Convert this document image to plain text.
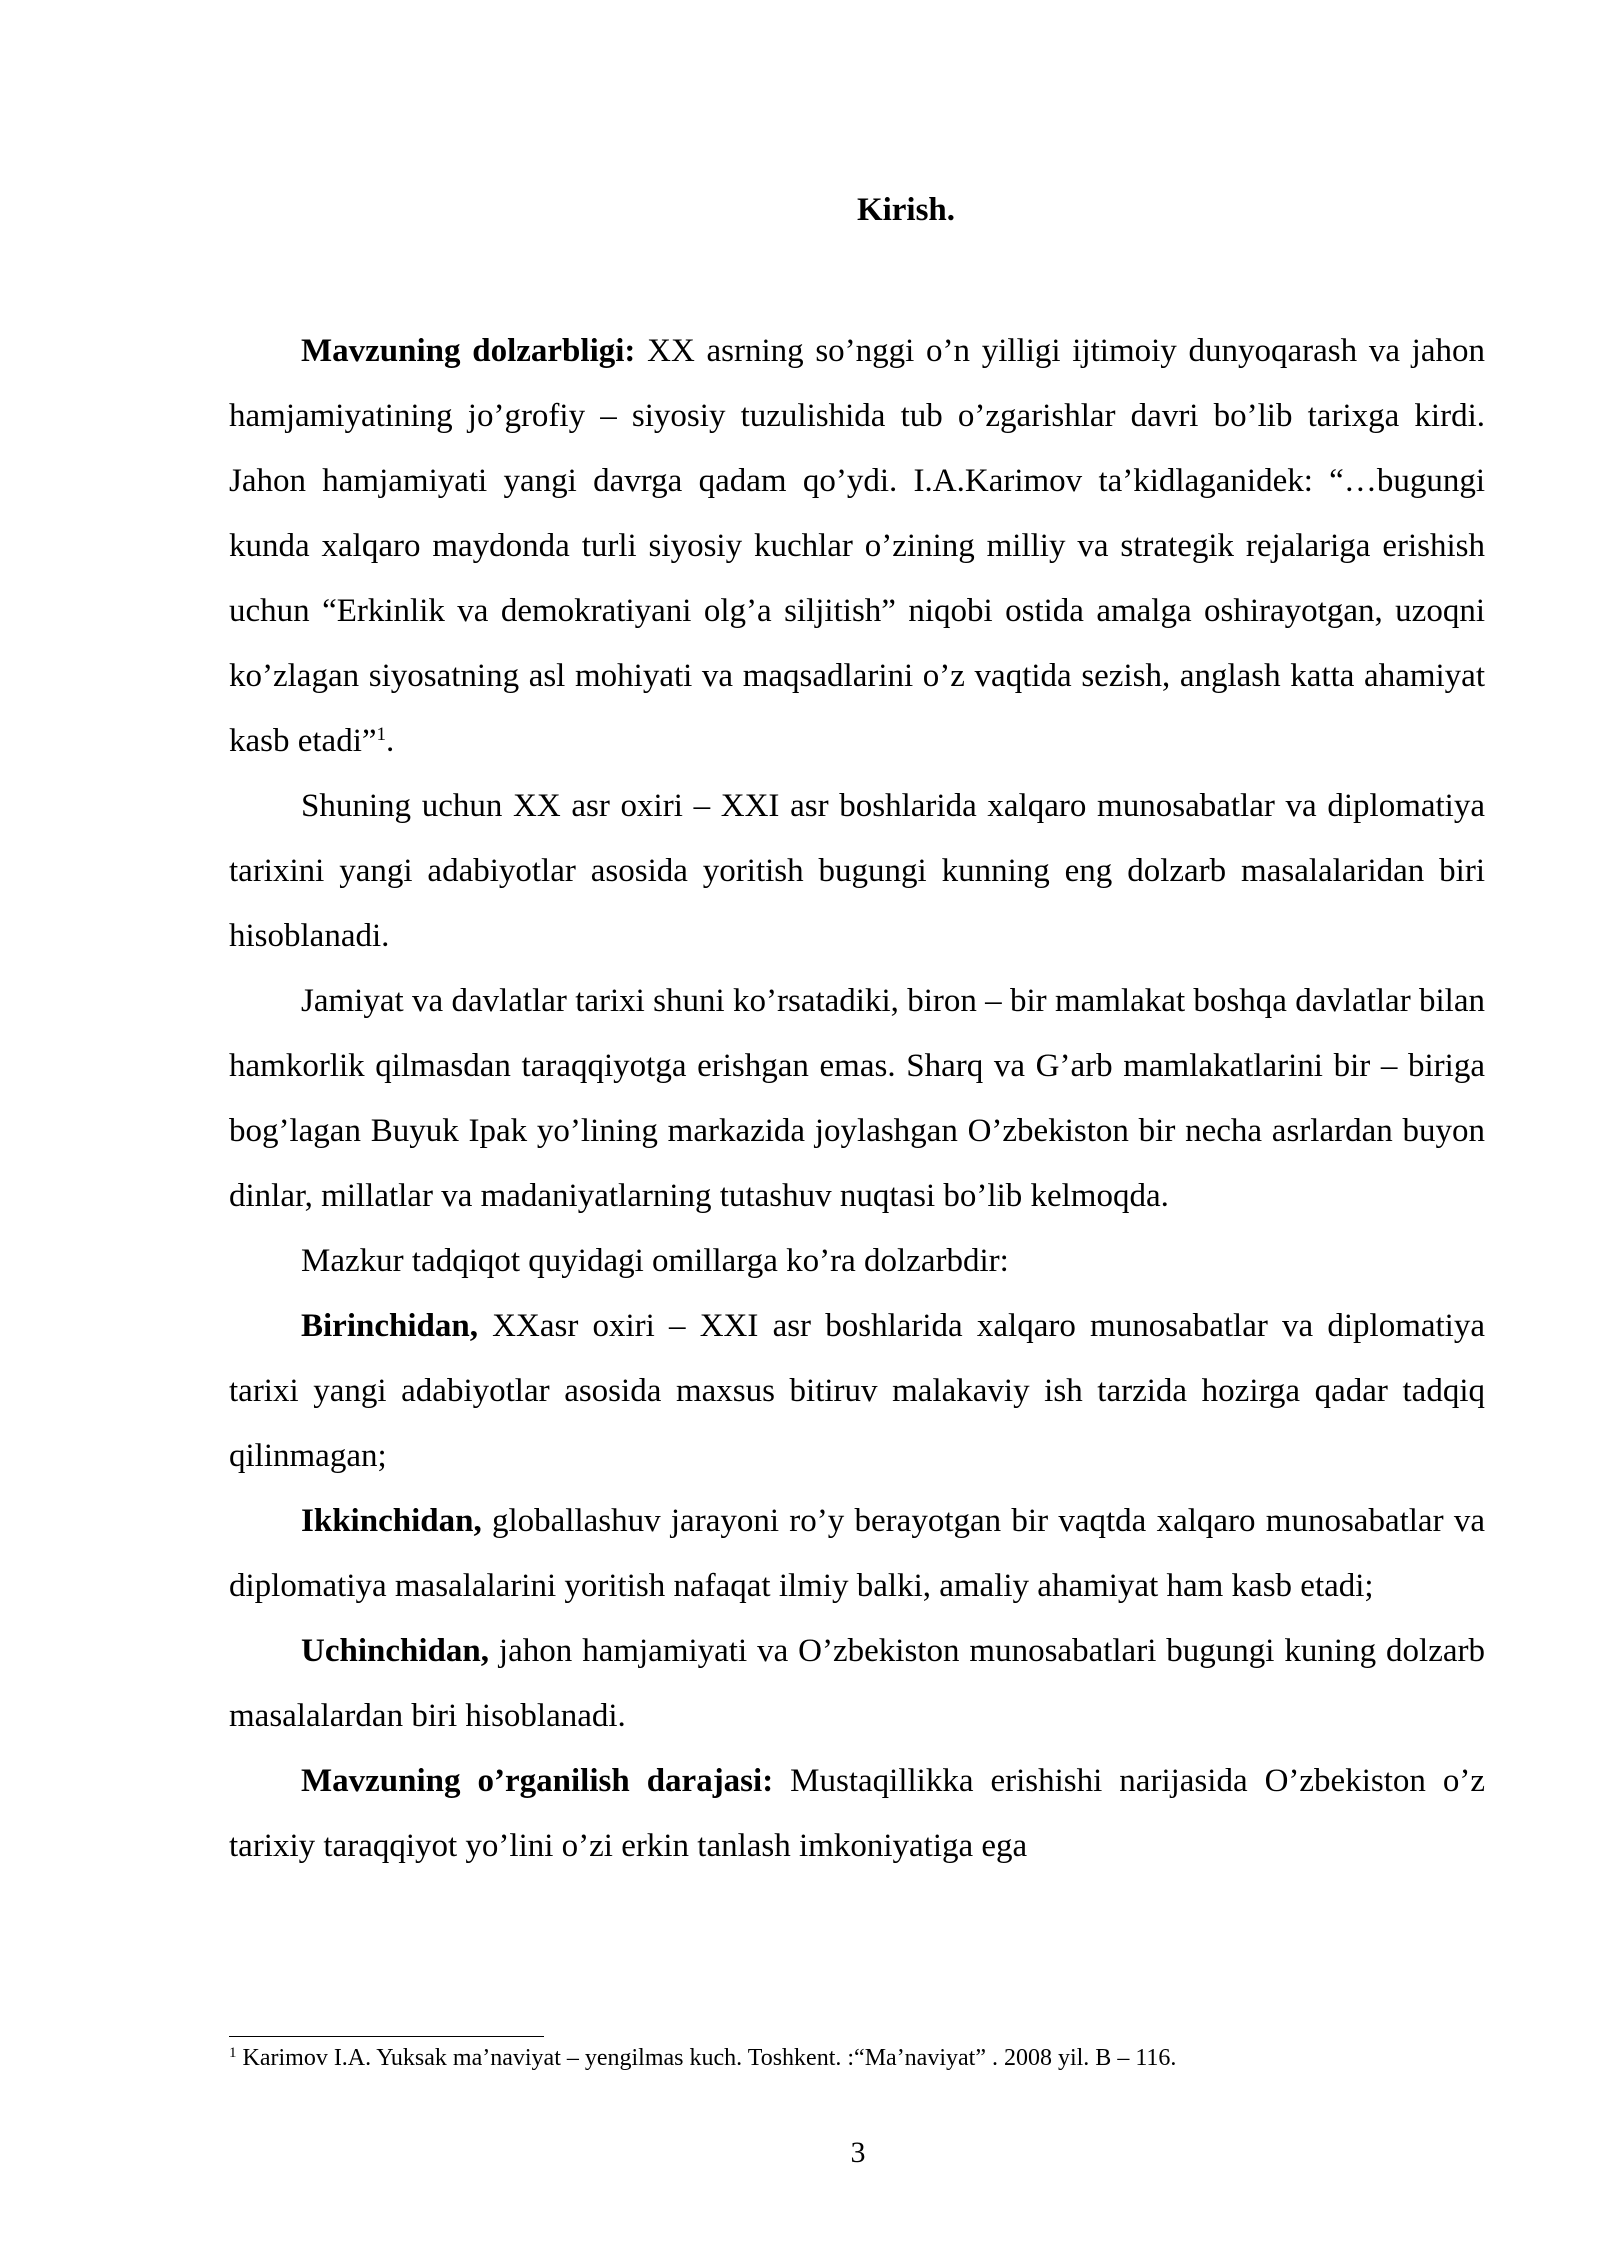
Kirish.

Mavzuning dolzarbligi: XX asrning so’nggi o’n yilligi ijtimoiy dunyoqarash va jahon hamjamiyatining jo’grofiy – siyosiy tuzulishida tub o’zgarishlar davri bo’lib tarixga kirdi. Jahon hamjamiyati yangi davrga qadam qo’ydi. I.A.Karimov ta’kidlaganidek: “…bugungi kunda xalqaro maydonda turli siyosiy kuchlar o’zining milliy va strategik rejalariga erishish uchun “Erkinlik va demokratiyani olg’a siljitish” niqobi ostida amalga oshirayotgan, uzoqni ko’zlagan siyosatning asl mohiyati va maqsadlarini o’z vaqtida sezish, anglash katta ahamiyat kasb etadi”$^1$.

Shuning uchun XX asr oxiri – XXI asr boshlarida xalqaro munosabatlar va diplomatiya tarixini yangi adabiyotlar asosida yoritish bugungi kunning eng dolzarb masalalaridan biri hisoblanadi.

Jamiyat va davlatlar tarixi shuni ko’rsatadiki, biron – bir mamlakat boshqa davlatlar bilan hamkorlik qilmasdan taraqqiyotga erishgan emas. Sharq va G’arb mamlakatlarini bir – biriga bog’lagan Buyuk Ipak yo’lining markazida joylashgan O’zbekiston bir necha asrlardan buyon dinlar, millatlar va madaniyatlarning tutashuv nuqtasi bo’lib kelmoqda.

Mazkur tadqiqot quyidagi omillarga ko’ra dolzarbdir:

Birinchidan, XXasr oxiri – XXI asr boshlarida xalqaro munosabatlar va diplomatiya tarixi yangi adabiyotlar asosida maxsus bitiruv malakaviy ish tarzida hozirga qadar tadqiq qilinmagan;

Ikkinchidan, globallashuv jarayoni ro’y berayotgan bir vaqtda xalqaro munosabatlar va diplomatiya masalalarini yoritish nafaqat ilmiy balki, amaliy ahamiyat ham kasb etadi;

Uchinchidan, jahon hamjamiyati va O’zbekiston munosabatlari bugungi kuning dolzarb masalalardan biri hisoblanadi.

Mavzuning o’rganilish darajasi: Mustaqillikka erishishi narijasida O’zbekiston o’z tarixiy taraqqiyot yo’lini o’zi erkin tanlash imkoniyatiga ega

$^1$ Karimov I.A. Yuksak ma’naviyat – yengilmas kuch. Toshkent. :“Ma’naviyat” . 2008 yil. B – 116.
3
